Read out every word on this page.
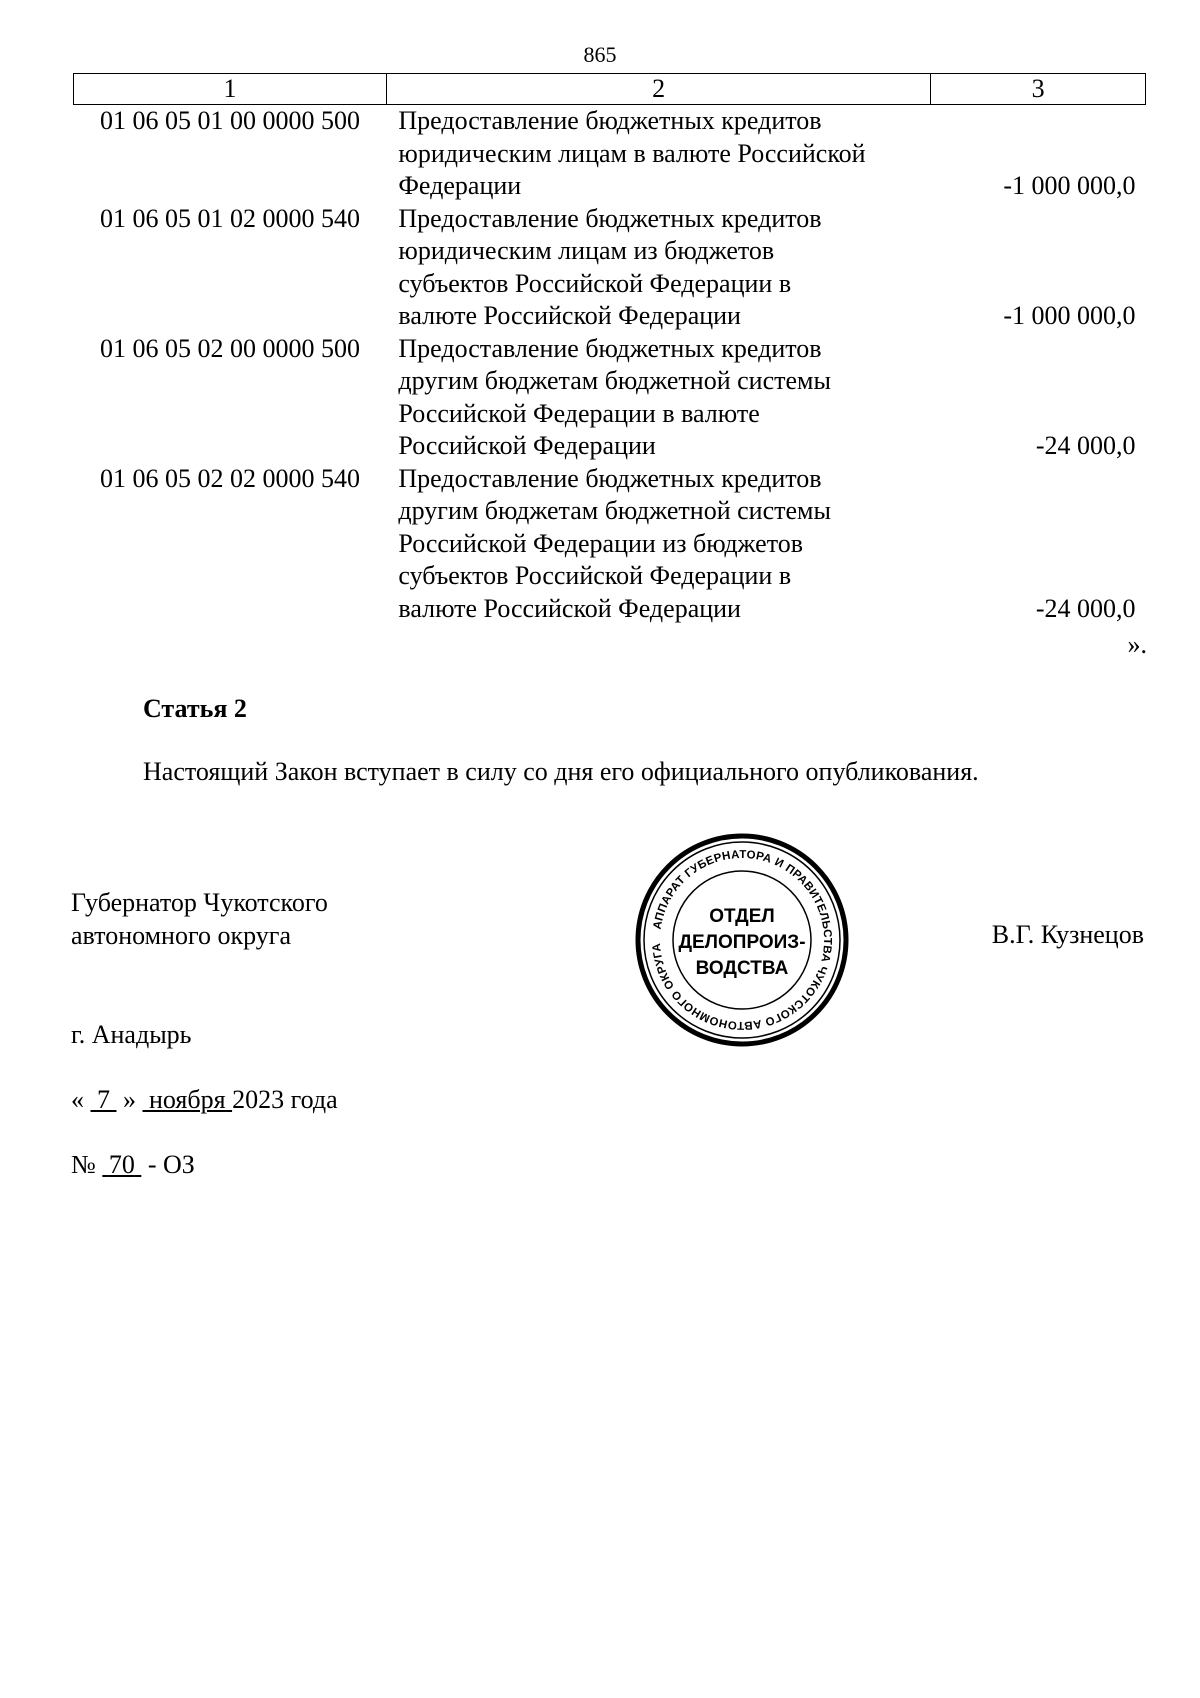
865
1	2	3
01 06 05 01 00 0000 500	Предоставление бюджетных кредитов
юридическим лицам в валюте Российской
Федерации	-1 000 000,0
01 06 05 01 02 0000 540	Предоставление бюджетных кредитов
юридическим лицам из бюджетов
субъектов Российской Федерации в
валюте Российской Федерации	-1 000 000,0
01 06 05 02 00 0000 500	Предоставление бюджетных кредитов
другим бюджетам бюджетной системы
Российской Федерации в валюте
Российской Федерации	-24 000,0
01 06 05 02 02 0000 540	Предоставление бюджетных кредитов
другим бюджетам бюджетной системы
Российской Федерации из бюджетов
субъектов Российской Федерации в
валюте Российской Федерации	-24 000,0
».
Статья 2
Настоящий Закон вступает в силу со дня его официального опубликования.
Губернатор Чукотского
автономного округа	АППАРАТ ГУБЕРНАТОРА И ПРАВИТЕЛЬСТВА ЧУКОТСКОГО АВТОНОМНОГО ОКРУГА
ОТДЕЛ
ДЕЛОПРОИЗ-
ВОДСТВА
В.Г. Кузнецов
г. Анадырь
« 7 » ноября 2023 года
№ 70 - ОЗ
